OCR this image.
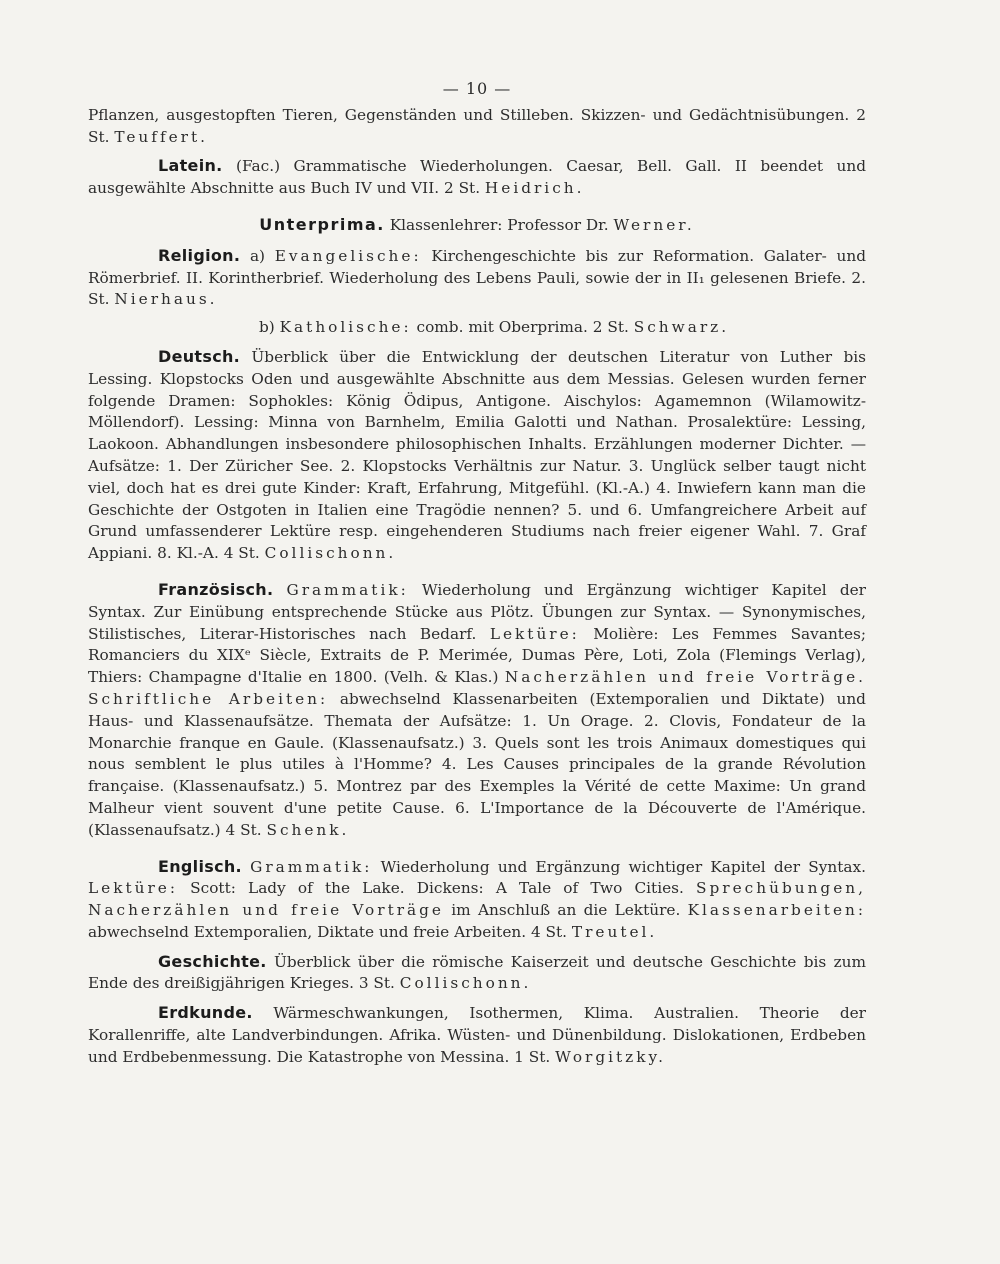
— 10 —

Pflanzen, ausgestopften Tieren, Gegenständen und Stilleben. Skizzen- und Gedächtnisübungen. 2 St. Teuffert.

Latein. (Fac.) Grammatische Wiederholungen. Caesar, Bell. Gall. II beendet und ausgewählte Abschnitte aus Buch IV und VII. 2 St. Heidrich.

Unterprima. Klassenlehrer: Professor Dr. Werner.

Religion. a) Evangelische: Kirchengeschichte bis zur Reformation. Galater- und Römerbrief. II. Korintherbrief. Wiederholung des Lebens Pauli, sowie der in II₁ gelesenen Briefe. 2. St. Nierhaus.

b) Katholische: comb. mit Oberprima. 2 St. Schwarz.

Deutsch. Überblick über die Entwicklung der deutschen Literatur von Luther bis Lessing. Klopstocks Oden und ausgewählte Abschnitte aus dem Messias. Gelesen wurden ferner folgende Dramen: Sophokles: König Ödipus, Antigone. Aischylos: Agamemnon (Wilamowitz-Möllendorf). Lessing: Minna von Barnhelm, Emilia Galotti und Nathan. Prosalektüre: Lessing, Laokoon. Abhandlungen insbesondere philosophischen Inhalts. Erzählungen moderner Dichter. — Aufsätze: 1. Der Züricher See. 2. Klopstocks Verhältnis zur Natur. 3. Unglück selber taugt nicht viel, doch hat es drei gute Kinder: Kraft, Erfahrung, Mitgefühl. (Kl.-A.) 4. Inwiefern kann man die Geschichte der Ostgoten in Italien eine Tragödie nennen? 5. und 6. Umfangreichere Arbeit auf Grund umfassenderer Lektüre resp. eingehenderen Studiums nach freier eigener Wahl. 7. Graf Appiani. 8. Kl.-A. 4 St. Collischonn.

Französisch. Grammatik: Wiederholung und Ergänzung wichtiger Kapitel der Syntax. Zur Einübung entsprechende Stücke aus Plötz. Übungen zur Syntax. — Synonymisches, Stilistisches, Literar-Historisches nach Bedarf. Lektüre: Molière: Les Femmes Savantes; Romanciers du XIXᵉ Siècle, Extraits de P. Merimée, Dumas Père, Loti, Zola (Flemings Verlag), Thiers: Champagne d'Italie en 1800. (Velh. & Klas.) Nacherzählen und freie Vorträge. Schriftliche Arbeiten: abwechselnd Klassenarbeiten (Extemporalien und Diktate) und Haus- und Klassenaufsätze. Themata der Aufsätze: 1. Un Orage. 2. Clovis, Fondateur de la Monarchie franque en Gaule. (Klassenaufsatz.) 3. Quels sont les trois Animaux domestiques qui nous semblent le plus utiles à l'Homme? 4. Les Causes principales de la grande Révolution française. (Klassenaufsatz.) 5. Montrez par des Exemples la Vérité de cette Maxime: Un grand Malheur vient souvent d'une petite Cause. 6. L'Importance de la Découverte de l'Amérique. (Klassenaufsatz.) 4 St. Schenk.

Englisch. Grammatik: Wiederholung und Ergänzung wichtiger Kapitel der Syntax. Lektüre: Scott: Lady of the Lake. Dickens: A Tale of Two Cities. Sprechübungen, Nacherzählen und freie Vorträge im Anschluß an die Lektüre. Klassenarbeiten: abwechselnd Extemporalien, Diktate und freie Arbeiten. 4 St. Treutel.

Geschichte. Überblick über die römische Kaiserzeit und deutsche Geschichte bis zum Ende des dreißigjährigen Krieges. 3 St. Collischonn.

Erdkunde. Wärmeschwankungen, Isothermen, Klima. Australien. Theorie der Korallenriffe, alte Landverbindungen. Afrika. Wüsten- und Dünenbildung. Dislokationen, Erdbeben und Erdbebenmessung. Die Katastrophe von Messina. 1 St. Worgitzky.
